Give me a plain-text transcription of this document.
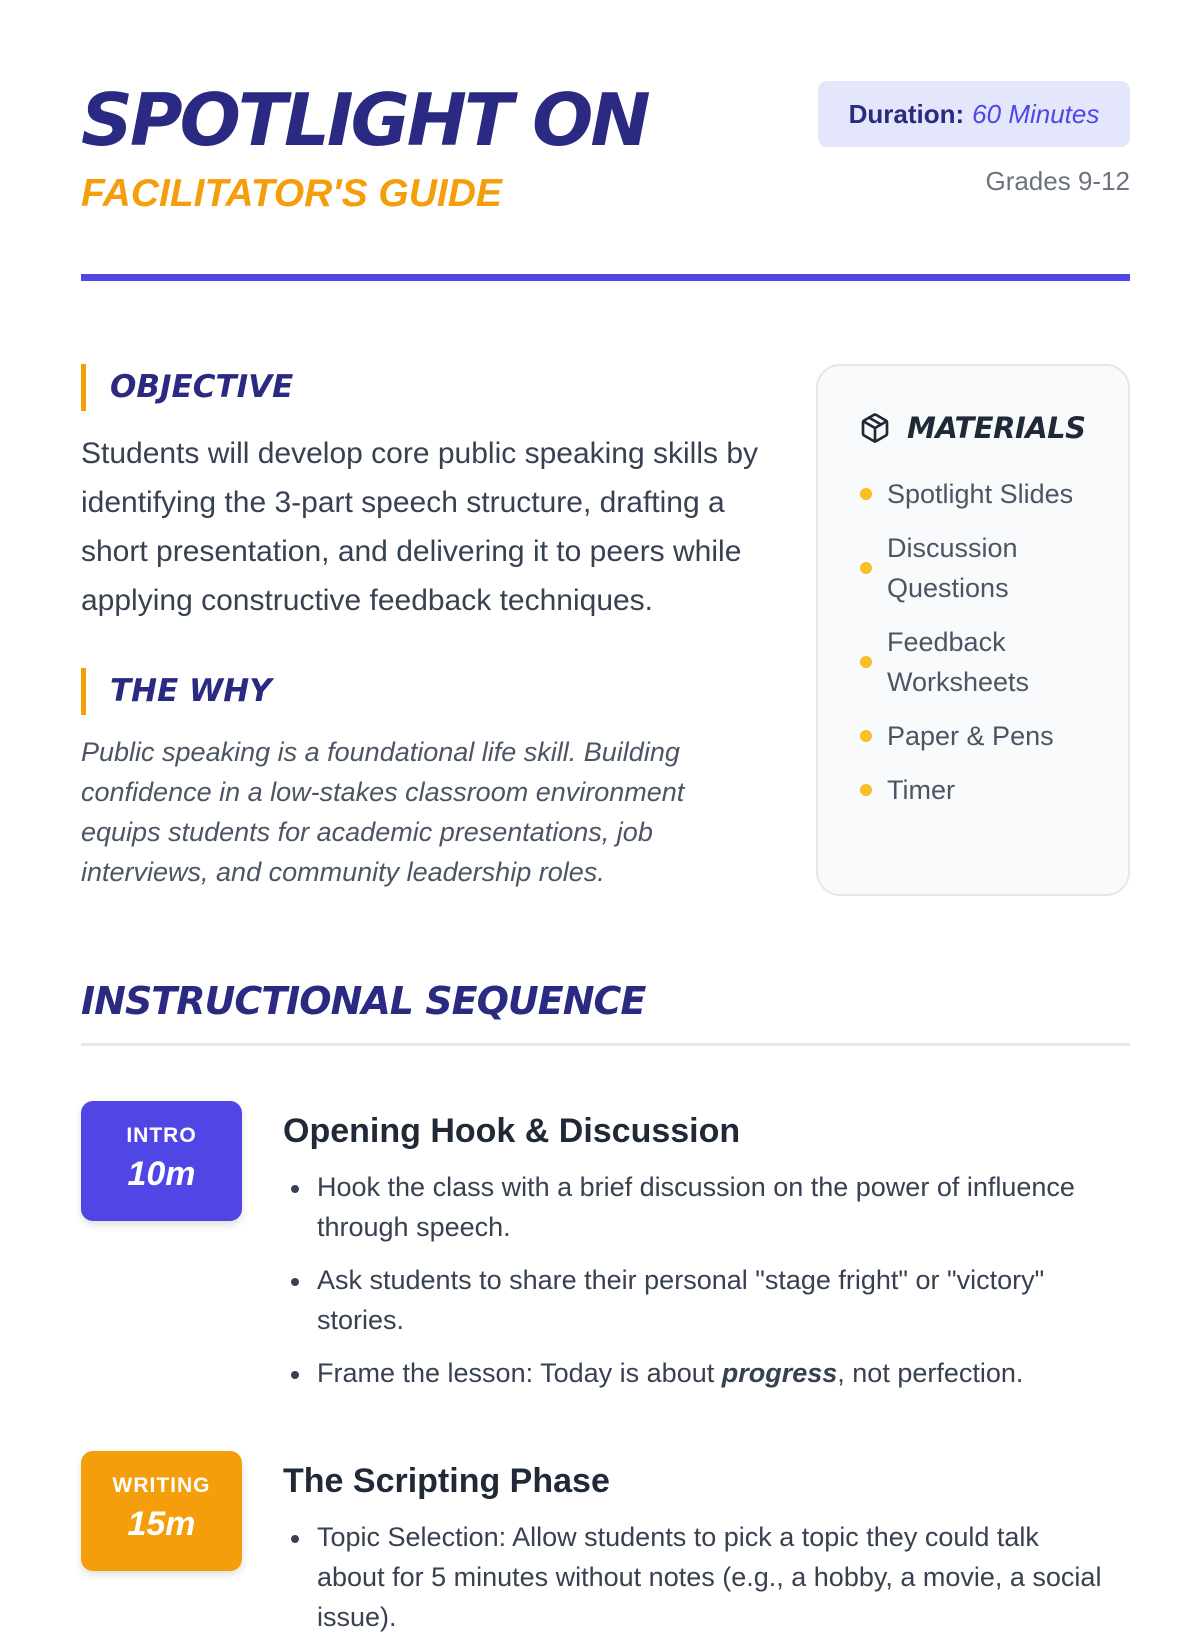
SPOTLIGHT ON
FACILITATOR'S GUIDE
Duration: 60 Minutes
Grades 9-12
OBJECTIVE

Students will develop core public speaking skills by identifying the 3-part speech structure, drafting a short presentation, and delivering it to peers while applying constructive feedback techniques.

THE WHY

Public speaking is a foundational life skill. Building confidence in a low-stakes classroom environment equips students for academic presentations, job interviews, and community leadership roles.

MATERIALS
Spotlight Slides
Discussion Questions
Feedback Worksheets
Paper & Pens
Timer
INSTRUCTIONAL SEQUENCE
INTRO
10m
Opening Hook & Discussion
Hook the class with a brief discussion on the power of influence through speech.
Ask students to share their personal "stage fright" or "victory" stories.
Frame the lesson: Today is about progress, not perfection.
WRITING
15m
The Scripting Phase
Topic Selection: Allow students to pick a topic they could talk about for 5 minutes without notes (e.g., a hobby, a movie, a social issue).
